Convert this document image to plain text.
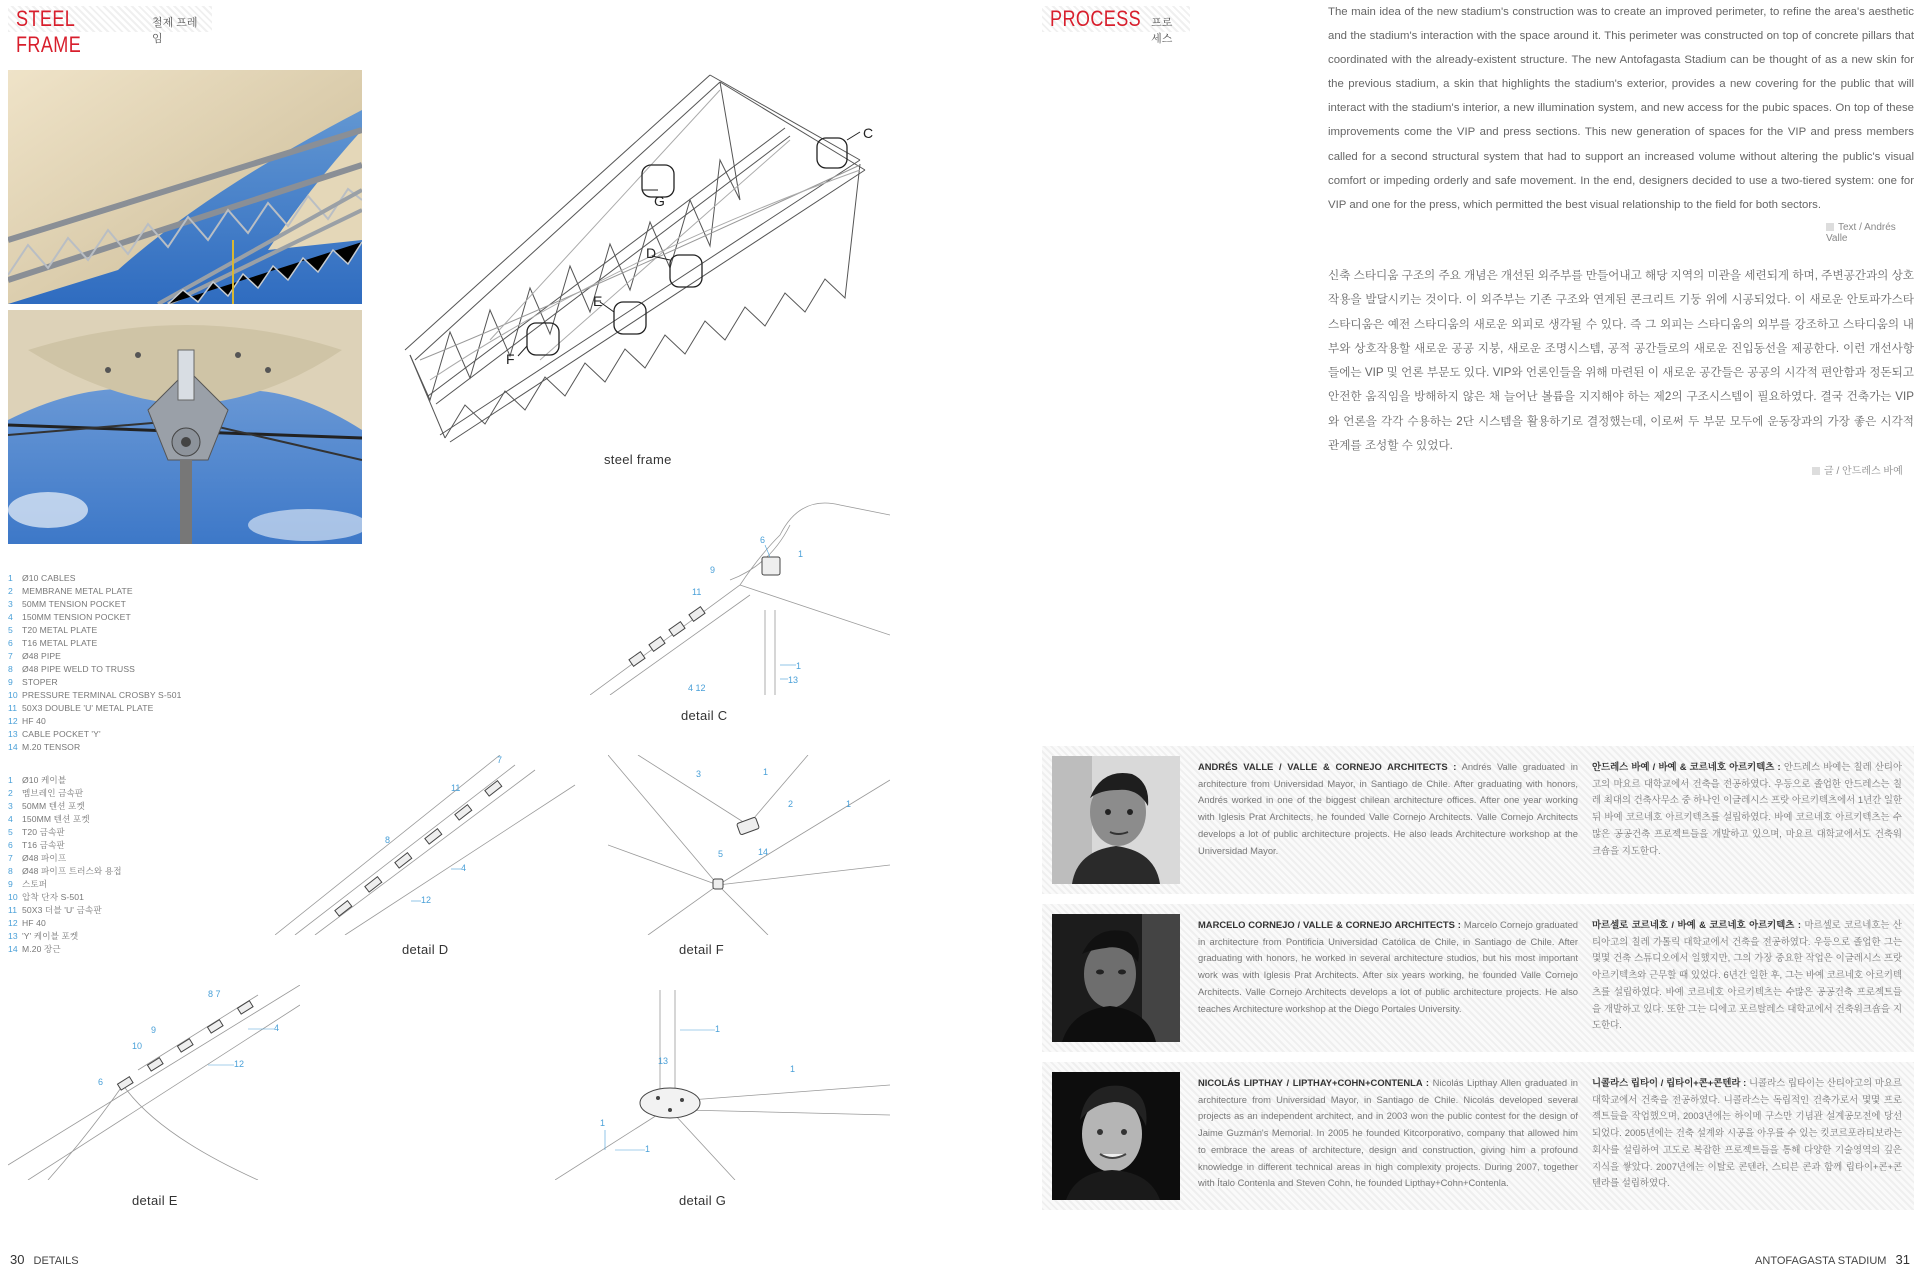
STEEL FRAME
철제 프레임
C
G
D
E
F
steel frame
6
9
11
1
1
13
4 12
detail C
7
11
8
4
12
detail D
3	1
2	1
5	14
detail F
8 7
9
10
4
12
6
detail E
1
13
1
1
1
detail G
1	Ø10 CABLES
2	MEMBRANE METAL PLATE
3	50MM TENSION POCKET
4	150MM TENSION POCKET
5	T20 METAL PLATE
6	T16 METAL PLATE
7	Ø48 PIPE
8	Ø48 PIPE WELD TO TRUSS
9	STOPER
10 PRESSURE TERMINAL CROSBY S-501
11 50X3 DOUBLE 'U' METAL PLATE
12 HF 40
13 CABLE POCKET 'Y'
14 M.20 TENSOR
1	Ø10 케이블
2	멤브레인 금속판
3	50MM 텐션 포켓
4	150MM 텐션 포켓
5	T20 금속판
6	T16 금속판
7	Ø48 파이프
8	Ø48 파이프 트러스와 용접
9	스토퍼
10 압착 단자 S-501
11 50X3 더블 'U' 금속판
12 HF 40
13 'Y' 케이블 포켓
14 M.20 장근
30 DETAILS
PROCESS 프로세스
The main idea of the new stadium's construction was to create an improved perimeter, to refine the area's aesthetic and the stadium's interaction with the space around it. This perimeter was constructed on top of concrete pillars that coordinated with the already-existent structure. The new Antofagasta Stadium can be thought of as a new skin for the previous stadium, a skin that highlights the stadium's exterior, provides a new covering for the public that will interact with the stadium's interior, a new illumination system, and new access for the pubic spaces. On top of these improvements come the VIP and press sections. This new generation of spaces for the VIP and press members called for a second structural system that had to support an increased volume without altering the public's visual comfort or impeding orderly and safe movement. In the end, designers decided to use a two-tiered system: one for VIP and one for the press, which permitted the best visual relationship to the field for both sectors.
Text / Andrés Valle
신축 스타디움 구조의 주요 개념은 개선된 외주부를 만들어내고 해당 지역의 미관을 세련되게 하며, 주변공간과의 상호작용을 발달시키는 것이다. 이 외주부는 기존 구조와 연계된 콘크리트 기둥 위에 시공되었다. 이 새로운 안토파가스타 스타디움은 예전 스타디움의 새로운 외피로 생각될 수 있다. 즉 그 외피는 스타디움의 외부를 강조하고 스타디움의 내부와 상호작용할 새로운 공공 지붕, 새로운 조명시스템, 공적 공간들로의 새로운 진입동선을 제공한다. 이런 개선사항들에는 VIP 및 언론 부문도 있다. VIP와 언론인들을 위해 마련된 이 새로운 공간들은 공공의 시각적 편안함과 정돈되고 안전한 움직임을 방해하지 않은 채 늘어난 볼륨을 지지해야 하는 제2의 구조시스템이 필요하였다. 결국 건축가는 VIP와 언론을 각각 수용하는 2단 시스템을 활용하기로 결정했는데, 이로써 두 부문 모두에 운동장과의 가장 좋은 시각적 관계를 조성할 수 있었다.
글 / 안드레스 바예
ANDRÉS VALLE / VALLE & CORNEJO ARCHITECTS : Andrés Valle graduated in architecture from Universidad Mayor, in Santiago de Chile. After graduating with honors, Andrés worked in one of the biggest chilean architecture offices. After one year working with Iglesis Prat Architects, he founded Valle Cornejo Architects. Valle Cornejo Architects develops a lot of public architecture projects. He also leads Architecture workshop at the Universidad Mayor.
안드레스 바예 / 바예 & 코르네호 아르키텍츠 : 안드레스 바예는 칠레 산티아고의 마요르 대학교에서 건축을 전공하였다. 우등으로 졸업한 안드레스는 칠레 최대의 건축사무소 중 하나인 이글레시스 프랏 아르키텍츠에서 1년간 일한 뒤 바예 코르네호 아르키텍츠를 설립하였다. 바예 코르네호 아르키텍츠는 수많은 공공건축 프로젝트들을 개발하고 있으며, 마요르 대학교에서도 건축워크숍을 지도한다.
MARCELO CORNEJO / VALLE & CORNEJO ARCHITECTS : Marcelo Cornejo graduated in architecture from Pontificia Universidad Católica de Chile, in Santiago de Chile. After graduating with honors, he worked in several architecture studios, but his most important work was with Iglesis Prat Architects. After six years working, he founded Valle Cornejo Architects. Valle Cornejo Architects develops a lot of public architecture projects. He also teaches Architecture workshop at the Diego Portales University.
마르셀로 코르네호 / 바예 & 코르네호 아르키텍츠 : 마르셀로 코르네호는 산티아고의 칠레 가톨릭 대학교에서 건축을 전공하였다. 우등으로 졸업한 그는 몇몇 건축 스튜디오에서 일했지만, 그의 가장 중요한 작업은 이글레시스 프랏 아르키텍츠와 근무할 때 있었다. 6년간 일한 후, 그는 바예 코르네호 아르키텍츠를 설립하였다. 바예 코르네호 아르키텍츠는 수많은 공공건축 프로젝트들을 개발하고 있다. 또한 그는 디에고 포르탈레스 대학교에서 건축워크숍을 지도한다.
NICOLÁS LIPTHAY / LIPTHAY+COHN+CONTENLA : Nicolás Lipthay Allen graduated in architecture from Universidad Mayor, in Santiago de Chile. Nicolás developed several projects as an independent architect, and in 2003 won the public contest for the design of Jaime Guzmán's Memorial. In 2005 he founded Kitcorporativo, company that allowed him to embrace the areas of architecture, design and construction, giving him a profound knowledge in different technical areas in high complexity projects. During 2007, together with Ítalo Contenla and Steven Cohn, he founded Lipthay+Cohn+Contenla.
니콜라스 립타이 / 립타이+콘+콘텐라 : 니콜라스 립타이는 산티아고의 마요르 대학교에서 건축을 전공하였다. 니콜라스는 독립적인 건축가로서 몇몇 프로젝트들을 작업했으며, 2003년에는 하이메 구스만 기념관 설계공모전에 당선되었다. 2005년에는 건축 설계와 시공을 아우를 수 있는 킷코르포라티보라는 회사를 설립하여 고도로 복잡한 프로젝트들을 통해 다양한 기술영역의 깊은 지식을 쌓았다. 2007년에는 이탈로 콘텐라, 스티븐 콘과 함께 립타이+콘+콘텐라를 설립하였다.
ANTOFAGASTA STADIUM 31
